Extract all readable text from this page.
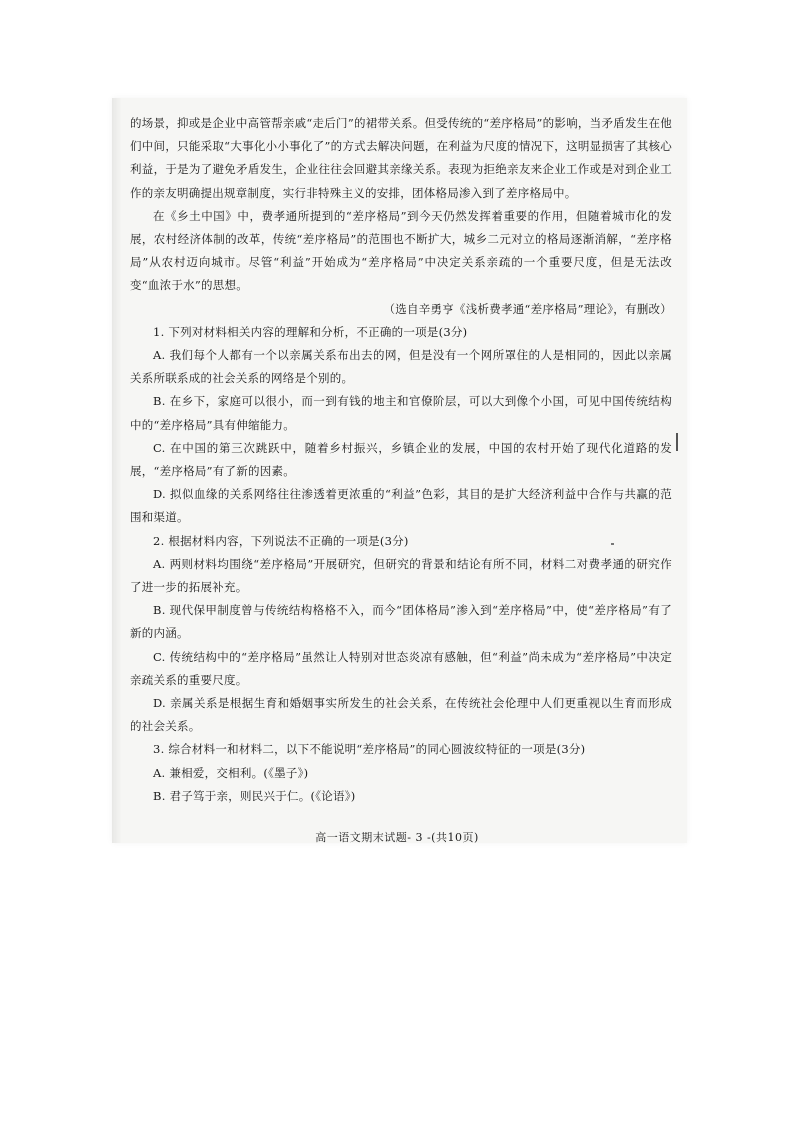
的场景，抑或是企业中高管帮亲戚“走后门”的裙带关系。但受传统的“差序格局”的影响，当矛盾发生在他们中间，只能采取“大事化小小事化了”的方式去解决问题，在利益为尺度的情况下，这明显损害了其核心利益，于是为了避免矛盾发生，企业往往会回避其亲缘关系。表现为拒绝亲友来企业工作或是对到企业工作的亲友明确提出规章制度，实行非特殊主义的安排，团体格局渗入到了差序格局中。

在《乡土中国》中，费孝通所提到的“差序格局”到今天仍然发挥着重要的作用，但随着城市化的发展，农村经济体制的改革，传统“差序格局”的范围也不断扩大，城乡二元对立的格局逐渐消解，“差序格局”从农村迈向城市。尽管“利益”开始成为“差序格局”中决定关系亲疏的一个重要尺度，但是无法改变“血浓于水”的思想。

（选自辛勇亨《浅析费孝通“差序格局”理论》，有删改）

1. 下列对材料相关内容的理解和分析，不正确的一项是(3分)

A. 我们每个人都有一个以亲属关系布出去的网，但是没有一个网所罩住的人是相同的，因此以亲属关系所联系成的社会关系的网络是个别的。

B. 在乡下，家庭可以很小，而一到有钱的地主和官僚阶层，可以大到像个小国，可见中国传统结构中的“差序格局”具有伸缩能力。

C. 在中国的第三次跳跃中，随着乡村振兴，乡镇企业的发展，中国的农村开始了现代化道路的发展，“差序格局”有了新的因素。

D. 拟似血缘的关系网络往往渗透着更浓重的“利益”色彩，其目的是扩大经济利益中合作与共赢的范围和渠道。

2. 根据材料内容，下列说法不正确的一项是(3分)

A. 两则材料均围绕“差序格局”开展研究，但研究的背景和结论有所不同，材料二对费孝通的研究作了进一步的拓展补充。

B. 现代保甲制度曾与传统结构格格不入，而今“团体格局”渗入到“差序格局”中，使“差序格局”有了新的内涵。

C. 传统结构中的“差序格局”虽然让人特别对世态炎凉有感触，但“利益”尚未成为“差序格局”中决定亲疏关系的重要尺度。

D. 亲属关系是根据生育和婚姻事实所发生的社会关系，在传统社会伦理中人们更重视以生育而形成的社会关系。

3. 综合材料一和材料二，以下不能说明“差序格局”的同心圆波纹特征的一项是(3分)

A. 兼相爱，交相利。(《墨子》)

B. 君子笃于亲，则民兴于仁。(《论语》)

高一语文期末试题- 3 -(共10页)
